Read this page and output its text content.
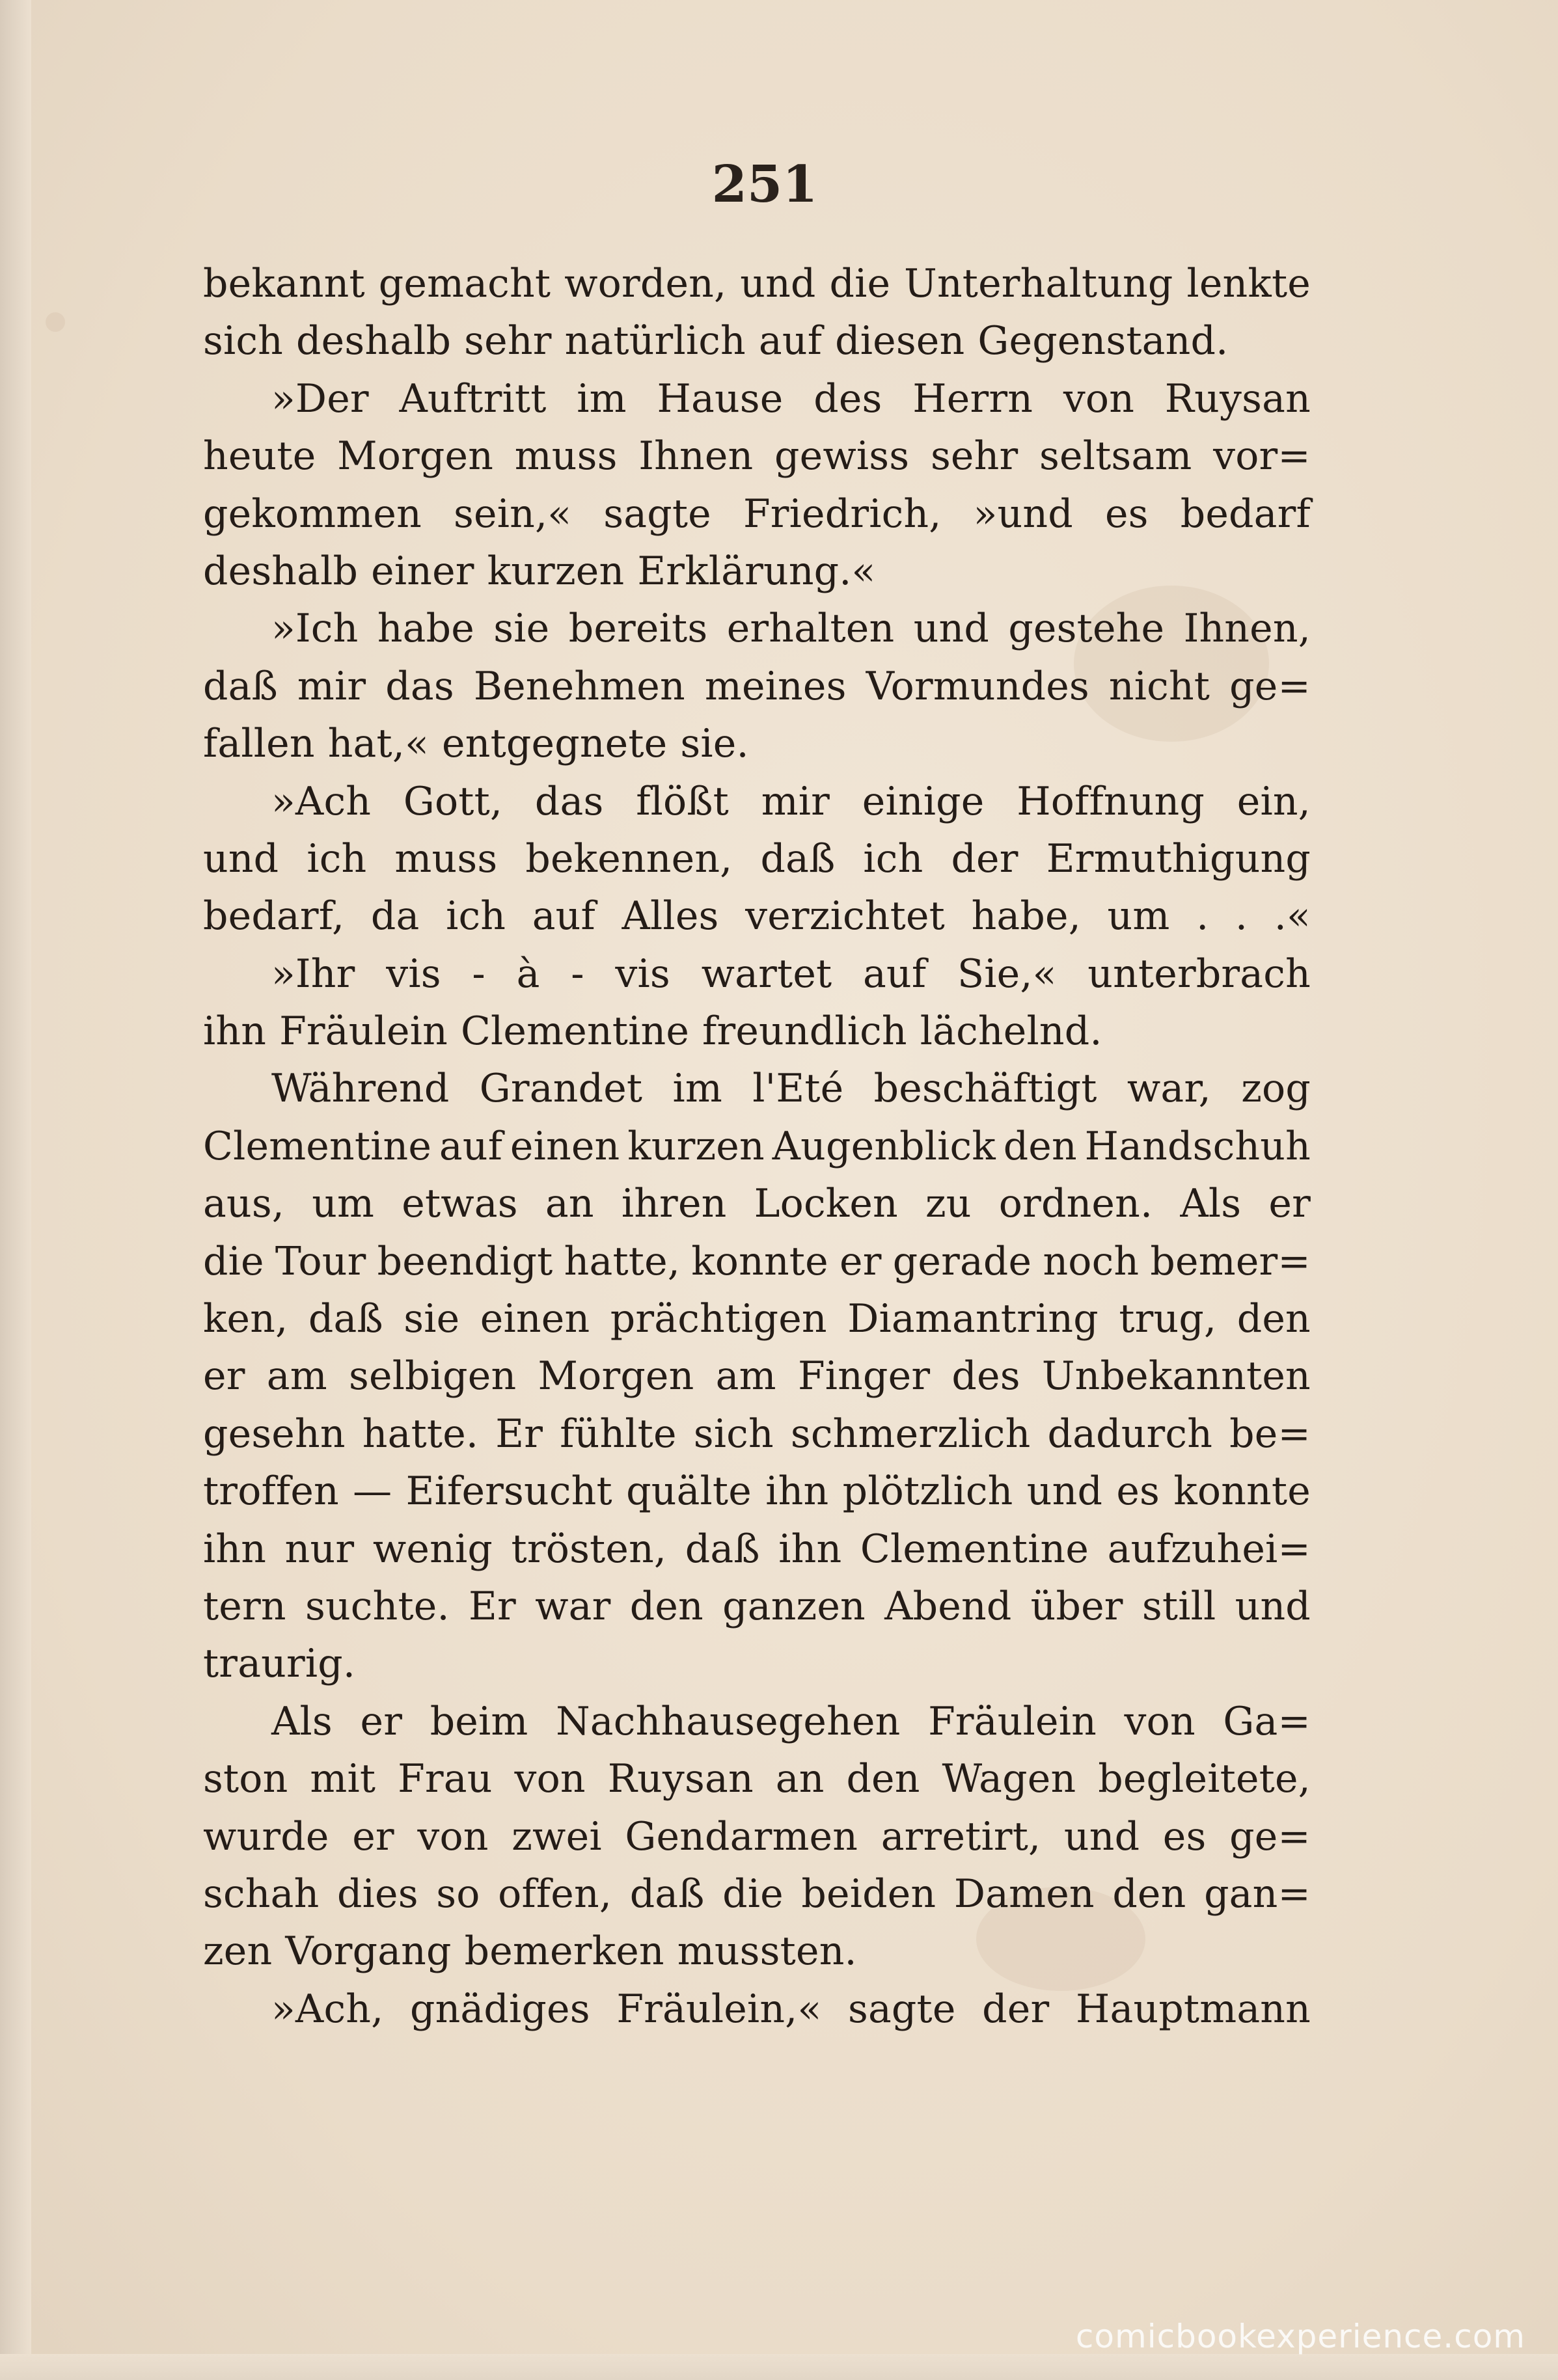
251
bekannt gemacht worden, und die Unterhaltung lenkte
sich deshalb sehr natürlich auf diesen Gegenstand.
»Der Auftritt im Hause des Herrn von Ruysan
heute Morgen muss Ihnen gewiss sehr seltsam vor=
gekommen sein,« sagte Friedrich, »und es bedarf
deshalb einer kurzen Erklärung.«
»Ich habe sie bereits erhalten und gestehe Ihnen,
daß mir das Benehmen meines Vormundes nicht ge=
fallen hat,« entgegnete sie.
»Ach Gott, das flößt mir einige Hoffnung ein,
und ich muss bekennen, daß ich der Ermuthigung
bedarf, da ich auf Alles verzichtet habe, um . . .«
»Ihr vis - à - vis wartet auf Sie,« unterbrach
ihn Fräulein Clementine freundlich lächelnd.
Während Grandet im l'Eté beschäftigt war, zog
Clementine auf einen kurzen Augenblick den Handschuh
aus, um etwas an ihren Locken zu ordnen. Als er
die Tour beendigt hatte, konnte er gerade noch bemer=
ken, daß sie einen prächtigen Diamantring trug, den
er am selbigen Morgen am Finger des Unbekannten
gesehn hatte. Er fühlte sich schmerzlich dadurch be=
troffen — Eifersucht quälte ihn plötzlich und es konnte
ihn nur wenig trösten, daß ihn Clementine aufzuhei=
tern suchte. Er war den ganzen Abend über still und
traurig.
Als er beim Nachhausegehen Fräulein von Ga=
ston mit Frau von Ruysan an den Wagen begleitete,
wurde er von zwei Gendarmen arretirt, und es ge=
schah dies so offen, daß die beiden Damen den gan=
zen Vorgang bemerken mussten.
»Ach, gnädiges Fräulein,« sagte der Hauptmann
comicbookexperience.com
